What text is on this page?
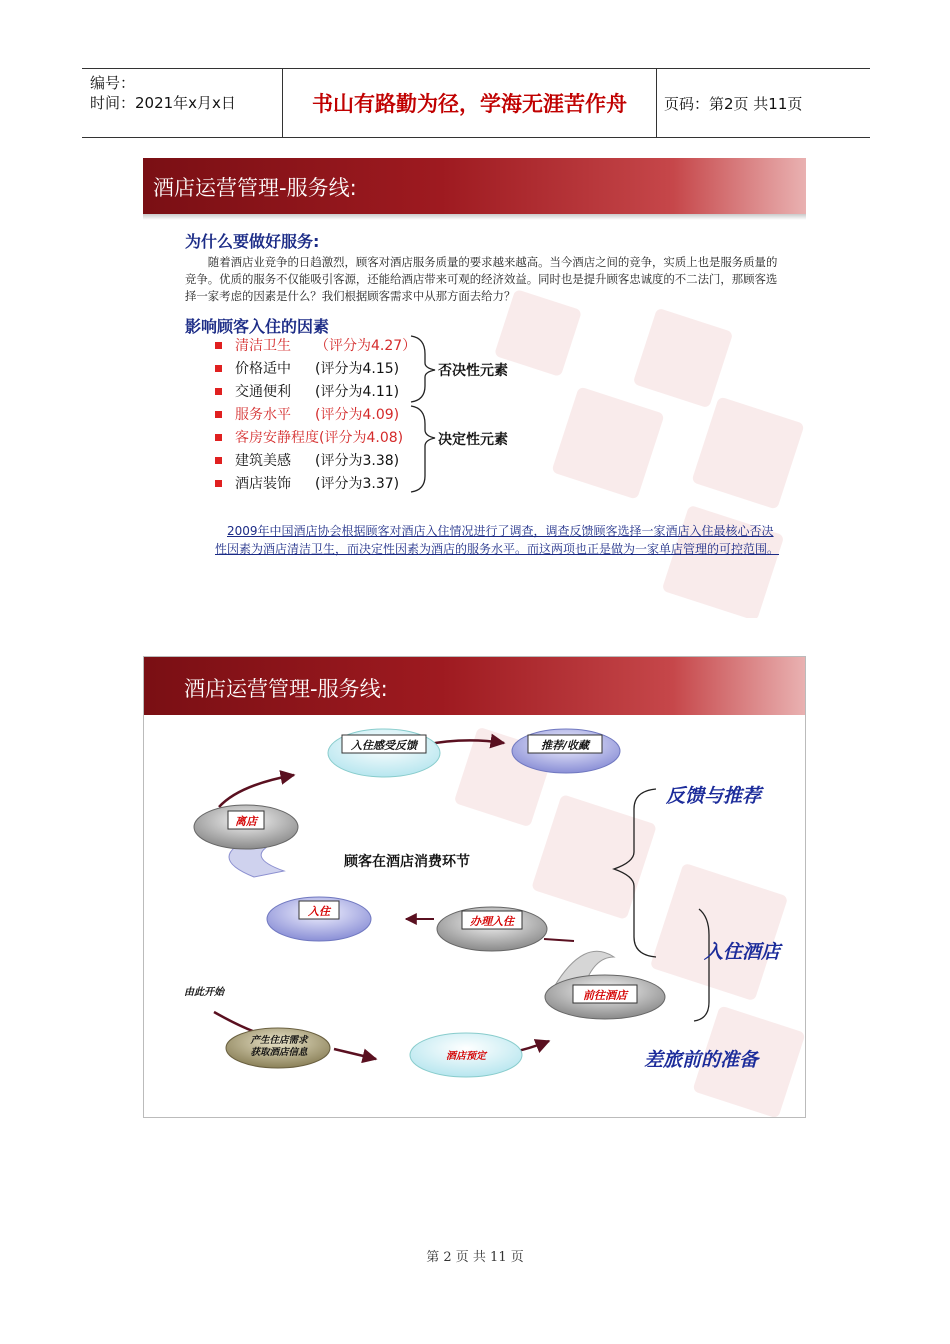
编号：
时间：2021年x月x日	书山有路勤为径，学海无涯苦作舟	页码：第2页 共11页
酒店运营管理-服务线:
为什么要做好服务:
随着酒店业竞争的日趋激烈，顾客对酒店服务质量的要求越来越高。当今酒店之间的竞争，实质上也是服务质量的竞争。优质的服务不仅能吸引客源，还能给酒店带来可观的经济效益。同时也是提升顾客忠诚度的不二法门，那顾客选择一家考虑的因素是什么？我们根据顾客需求中从那方面去给力？
影响顾客入住的因素
清洁卫生	（评分为4.27）
价格适中	(评分为4.15)
交通便利	(评分为4.11)
服务水平	(评分为4.09)
客房安静程度 (评分为4.08)
建筑美感	(评分为3.38)
酒店装饰	(评分为3.37)
否决性元素
决定性元素
2009年中国酒店协会根据顾客对酒店入住情况进行了调查，调查反馈顾客选择一家酒店入住最核心否决性因素为酒店清洁卫生，而决定性因素为酒店的服务水平。而这两项也正是做为一家单店管理的可控范围。
酒店运营管理-服务线:
入住感受反馈	推荐/收藏
离店
入住
办理入住
前往酒店
产生住店需求
获取酒店信息	酒店预定
顾客在酒店消费环节
由此开始
反馈与推荐
入住酒店
差旅前的准备
第 2 页 共 11 页
